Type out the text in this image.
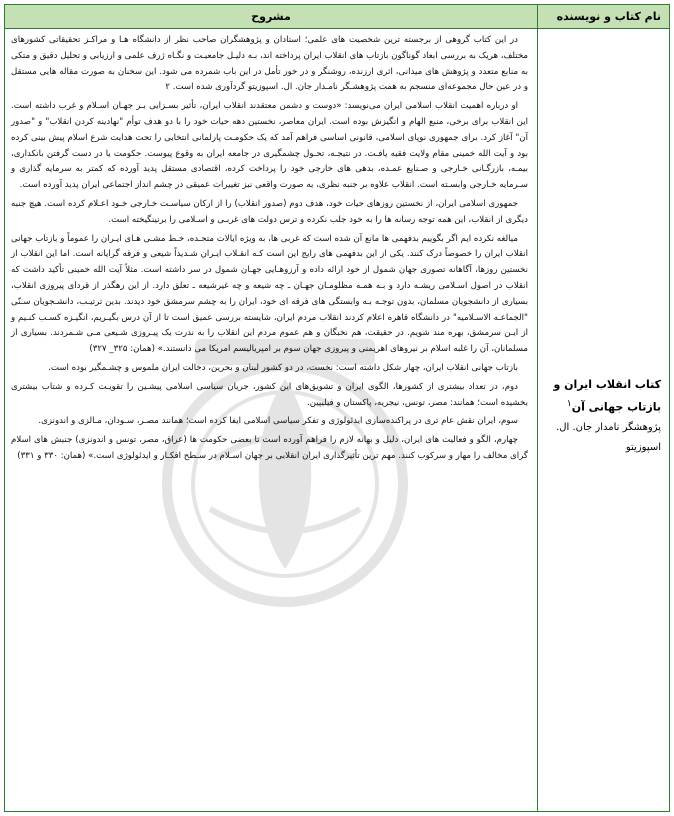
نام کتاب و نویسنده
مشروح
کتاب انقلاب ایران و بازتاب جهانی آن$^۱$
پژوهشگر نامدار جان. ال. اسپوزیتو

در این کتاب گروهی از برجسته ترین شخصیت های علمی؛ استادان و پژوهشگران صاحب نظر از دانشگاه هـا و مراکـز تحقیقاتی کشورهای مختلف، هریک به بررسی ابعاد گوناگون بازتاب های انقلاب ایران پرداخته اند، بـه دلیـل جامعیـت و نگـاه ژرف علمی و ارزیابی و تحلیل دقیق و متکی به منابع متعدد و پژوهش های میدانی، اثری ارزنده، روشنگر و در خور تأمل در این باب شمرده می شود. این سخنان به صورت مقاله هایی مستقل و در عین حال مجموعه‌ای منسجم به همت پژوهشـگر نامـدار جان. ال. اسپوزیتو گردآوری شده است. ۲

او درباره اهمیت انقلاب اسلامی ایران می‌نویسد: «دوست و دشمن معتقدند انقلاب ایران، تأثیر بسـزایی بـر جهـان اسـلام و غرب داشته است. این انقلاب برای برخی، منبع الهام و انگیزش بوده است. ایران معاصر، نخستین دهه حیات خود را با دو هدف توأم "نهادینه کردن انقلاب" و "صدور آن" آغاز کرد. برای جمهوری نوپای اسلامی، قانونی اساسی فراهم آمد که یک حکومـت پارلمانی انتخابی را تحت هدایت شرع اسلام پیش بینی کرده بود و آیت الله خمینی مقام ولایت فقیه یافـت. در نتیجـه، تحـول چشمگیری در جامعه ایران به وقوع پیوست. حکومت یا در دست گرفتن بانکداری، بیمـه، بازرگـانی خـارجی و صـنایع عمـده، بدهی های خارجی خود را پرداخت کرده، اقتصادی مستقل پدید آورده که کمتر به سرمایه گذاری و سـرمایه خـارجی وابسـته است. انقلاب علاوه بر جنبه نظری، به صورت واقعی نیز تغییرات عمیقی در چشم انداز اجتماعی ایران پدید آورده است.

جمهوری اسلامی ایران، از نخستین روزهای حیات خود، هدف دوم (صدور انقلاب) را از ارکان سیاسـت خـارجی خـود اعـلام کرده است. هیچ جنبه دیگری از انقلاب، این همه توجه رسانه ها را به خود جلب نکرده و ترس دولت های غربـی و اسـلامی را برنینگیخته است.

میالغه نکرده ایم اگر بگوییم بدفهمی ها مانع آن شده است که غربی ها، به ویژه ایالات متحـده، خـط مشـی هـای ایـران را عموماً و بازتاب جهانی انقلاب ایران را خصوصاً درک کنند. یکی از این بدفهمی های رایج این است کـه انقـلاب ایـران شـدیداً شیعی و فرقه گرایانه است. اما این انقلاب از نخستین روزها، آگاهانه تصوری جهان شمول از خود ارائه داده و آرزوهـایی جهـان شمول در سر داشته است. مثلاً آیت الله خمینی تأکید داشت که انقلاب در اصول اسـلامی ریشـه دارد و بـه همـه مظلومـان جهـان ـ چه شیعه و چه غیرشیعه ـ تعلق دارد. از این رهگذر از قردای پیروزی انقلاب، بسیاری از دانشجویان مسلمان، بدون توجـه بـه وابستگی های فرقه ای خود، ایران را به چشم سرمشق خود دیدند. بدین ترتیـب، دانشـجویان سـنّی "الجماعـه الاسـلامیه" در دانشگاه قاهره اعلام کردند انقلاب مردم ایران، شایسته بررسی عمیق است تا از آن درس بگیـریم، انگیـزه کسـب کنـیم و از ایـن سرمشق، بهره مند شویم. در حقیقت، هم نخبگان و هم عموم مردم این انقلاب را به ندرت یک پیـروزی شـیعی مـی شـمردند. بسیاری از مسلمانان، آن را غلبه اسلام بر نیروهای اهریمنی و پیروزی جهان سوم بر امپریالیسم امریکا می دانستند.» (همان: ۳۲۵_ ۳۲۷)

بازتاب جهانی انقلاب ایران، چهار شکل داشته است: نخست، در دو کشور لبنان و بحرین، دخالت ایران ملموس و چشـمگیر بوده است.

دوم، در تعداد بیشتری از کشورها، الگوی ایران و تشویق‌های این کشور، جریان سیاسی اسلامی پیشـین را تقویـت کـرده و شتاب بیشتری بخشیده است؛ همانند: مصر، تونس، نیجریه، پاکستان و فیلیپین.

سوم، ایران نقش عام تری در پراکنده‌سازی ایدئولوژی و تفکر سیاسی اسلامی ایفا کرده است؛ همانند مصـر، سـودان، مـالزی و اندونزی.

چهارم، الگو و فعالیت های ایران، دلیل و بهانه لازم را فراهم آورده است تا بعضی حکومت ها (عراق، مصر، تونس و اندونزی) جنبش های اسلام گرای مخالف را مهار و سرکوب کنند. مهم ترین تأثیرگذاری ایران انقلابی بر جهان اسـلام در سـطح افکـار و ایدئولوژی است.» (همان: ۳۳۰ و ۳۳۱)
